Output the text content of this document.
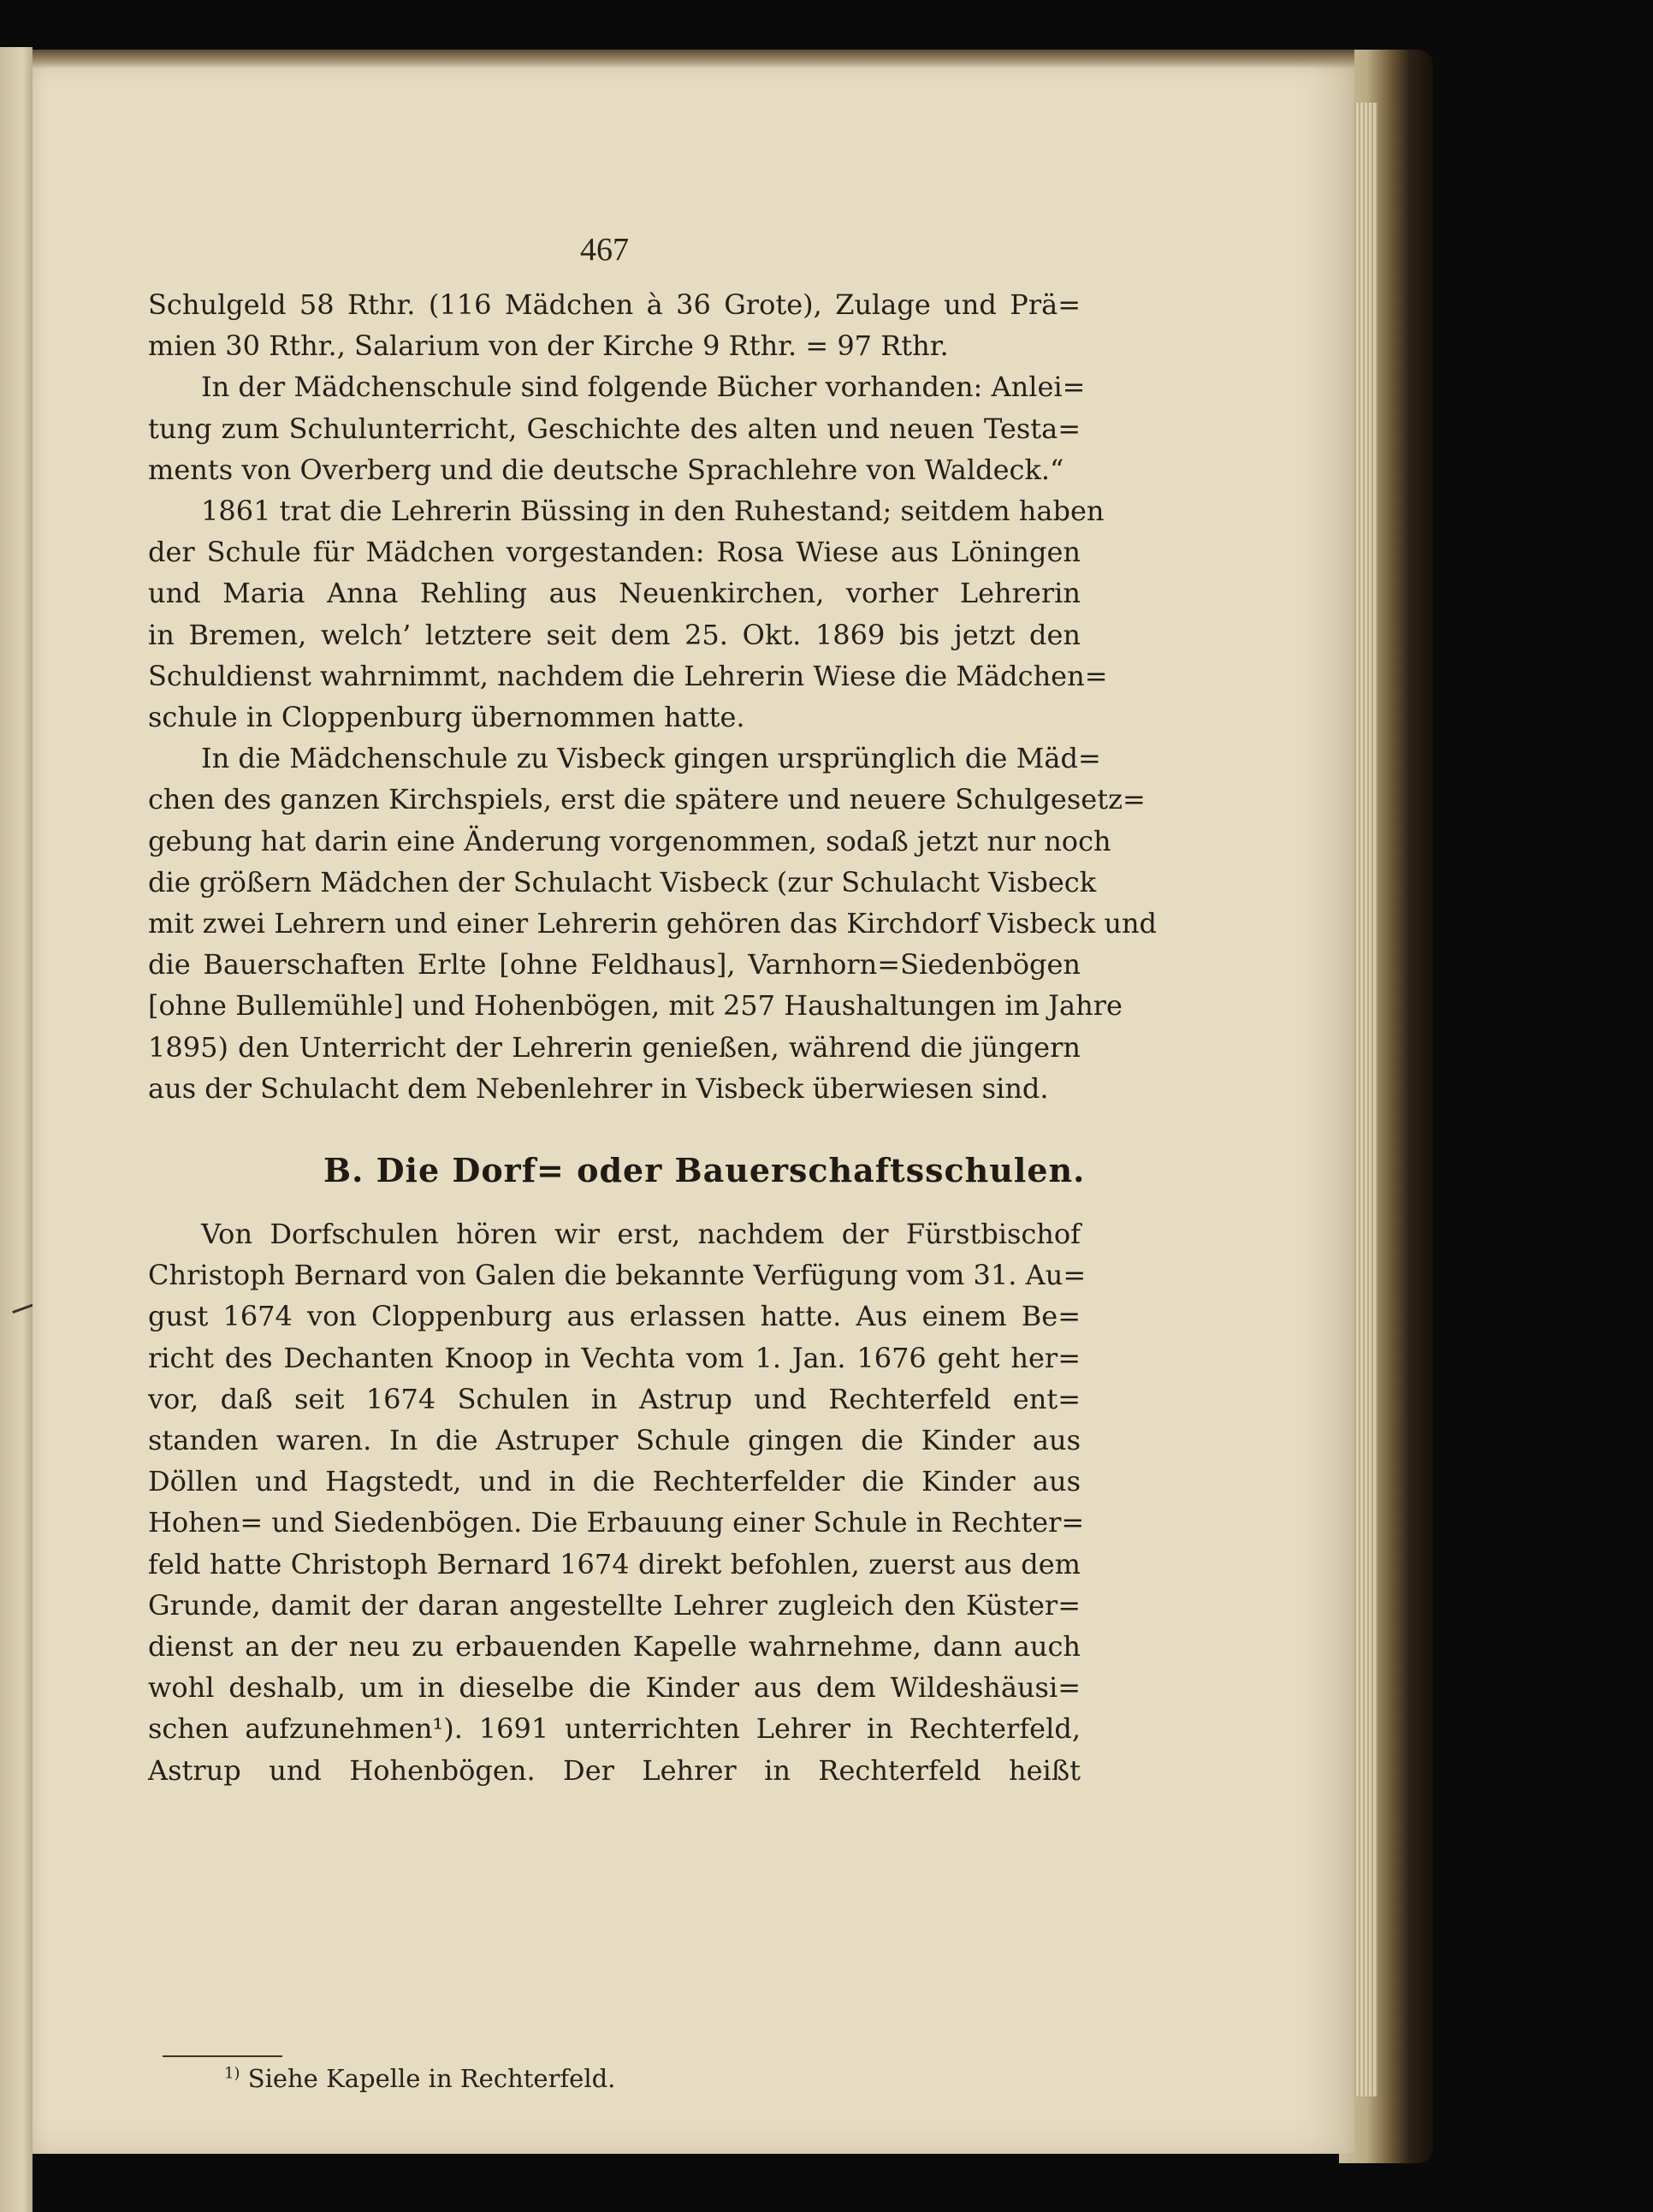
467
Schulgeld 58 Rthr. (116 Mädchen à 36 Grote), Zulage und Prä=
mien 30 Rthr., Salarium von der Kirche 9 Rthr. = 97 Rthr.
In der Mädchenschule sind folgende Bücher vorhanden: Anlei=
tung zum Schulunterricht, Geschichte des alten und neuen Testa=
ments von Overberg und die deutsche Sprachlehre von Waldeck.“
1861 trat die Lehrerin Büssing in den Ruhestand; seitdem haben
der Schule für Mädchen vorgestanden: Rosa Wiese aus Löningen
und Maria Anna Rehling aus Neuenkirchen, vorher Lehrerin
in Bremen, welch’ letztere seit dem 25. Okt. 1869 bis jetzt den
Schuldienst wahrnimmt, nachdem die Lehrerin Wiese die Mädchen=
schule in Cloppenburg übernommen hatte.
In die Mädchenschule zu Visbeck gingen ursprünglich die Mäd=
chen des ganzen Kirchspiels, erst die spätere und neuere Schulgesetz=
gebung hat darin eine Änderung vorgenommen, sodaß jetzt nur noch
die größern Mädchen der Schulacht Visbeck (zur Schulacht Visbeck
mit zwei Lehrern und einer Lehrerin gehören das Kirchdorf Visbeck und
die Bauerschaften Erlte [ohne Feldhaus], Varnhorn=Siedenbögen
[ohne Bullemühle] und Hohenbögen, mit 257 Haushaltungen im Jahre
1895) den Unterricht der Lehrerin genießen, während die jüngern
aus der Schulacht dem Nebenlehrer in Visbeck überwiesen sind.
B. Die Dorf= oder Bauerschaftsschulen.
Von Dorfschulen hören wir erst, nachdem der Fürstbischof
Christoph Bernard von Galen die bekannte Verfügung vom 31. Au=
gust 1674 von Cloppenburg aus erlassen hatte. Aus einem Be=
richt des Dechanten Knoop in Vechta vom 1. Jan. 1676 geht her=
vor, daß seit 1674 Schulen in Astrup und Rechterfeld ent=
standen waren. In die Astruper Schule gingen die Kinder aus
Döllen und Hagstedt, und in die Rechterfelder die Kinder aus
Hohen= und Siedenbögen. Die Erbauung einer Schule in Rechter=
feld hatte Christoph Bernard 1674 direkt befohlen, zuerst aus dem
Grunde, damit der daran angestellte Lehrer zugleich den Küster=
dienst an der neu zu erbauenden Kapelle wahrnehme, dann auch
wohl deshalb, um in dieselbe die Kinder aus dem Wildeshäusi=
schen aufzunehmen¹). 1691 unterrichten Lehrer in Rechterfeld,
Astrup und Hohenbögen. Der Lehrer in Rechterfeld heißt
$^{1)}$ Siehe Kapelle in Rechterfeld.
